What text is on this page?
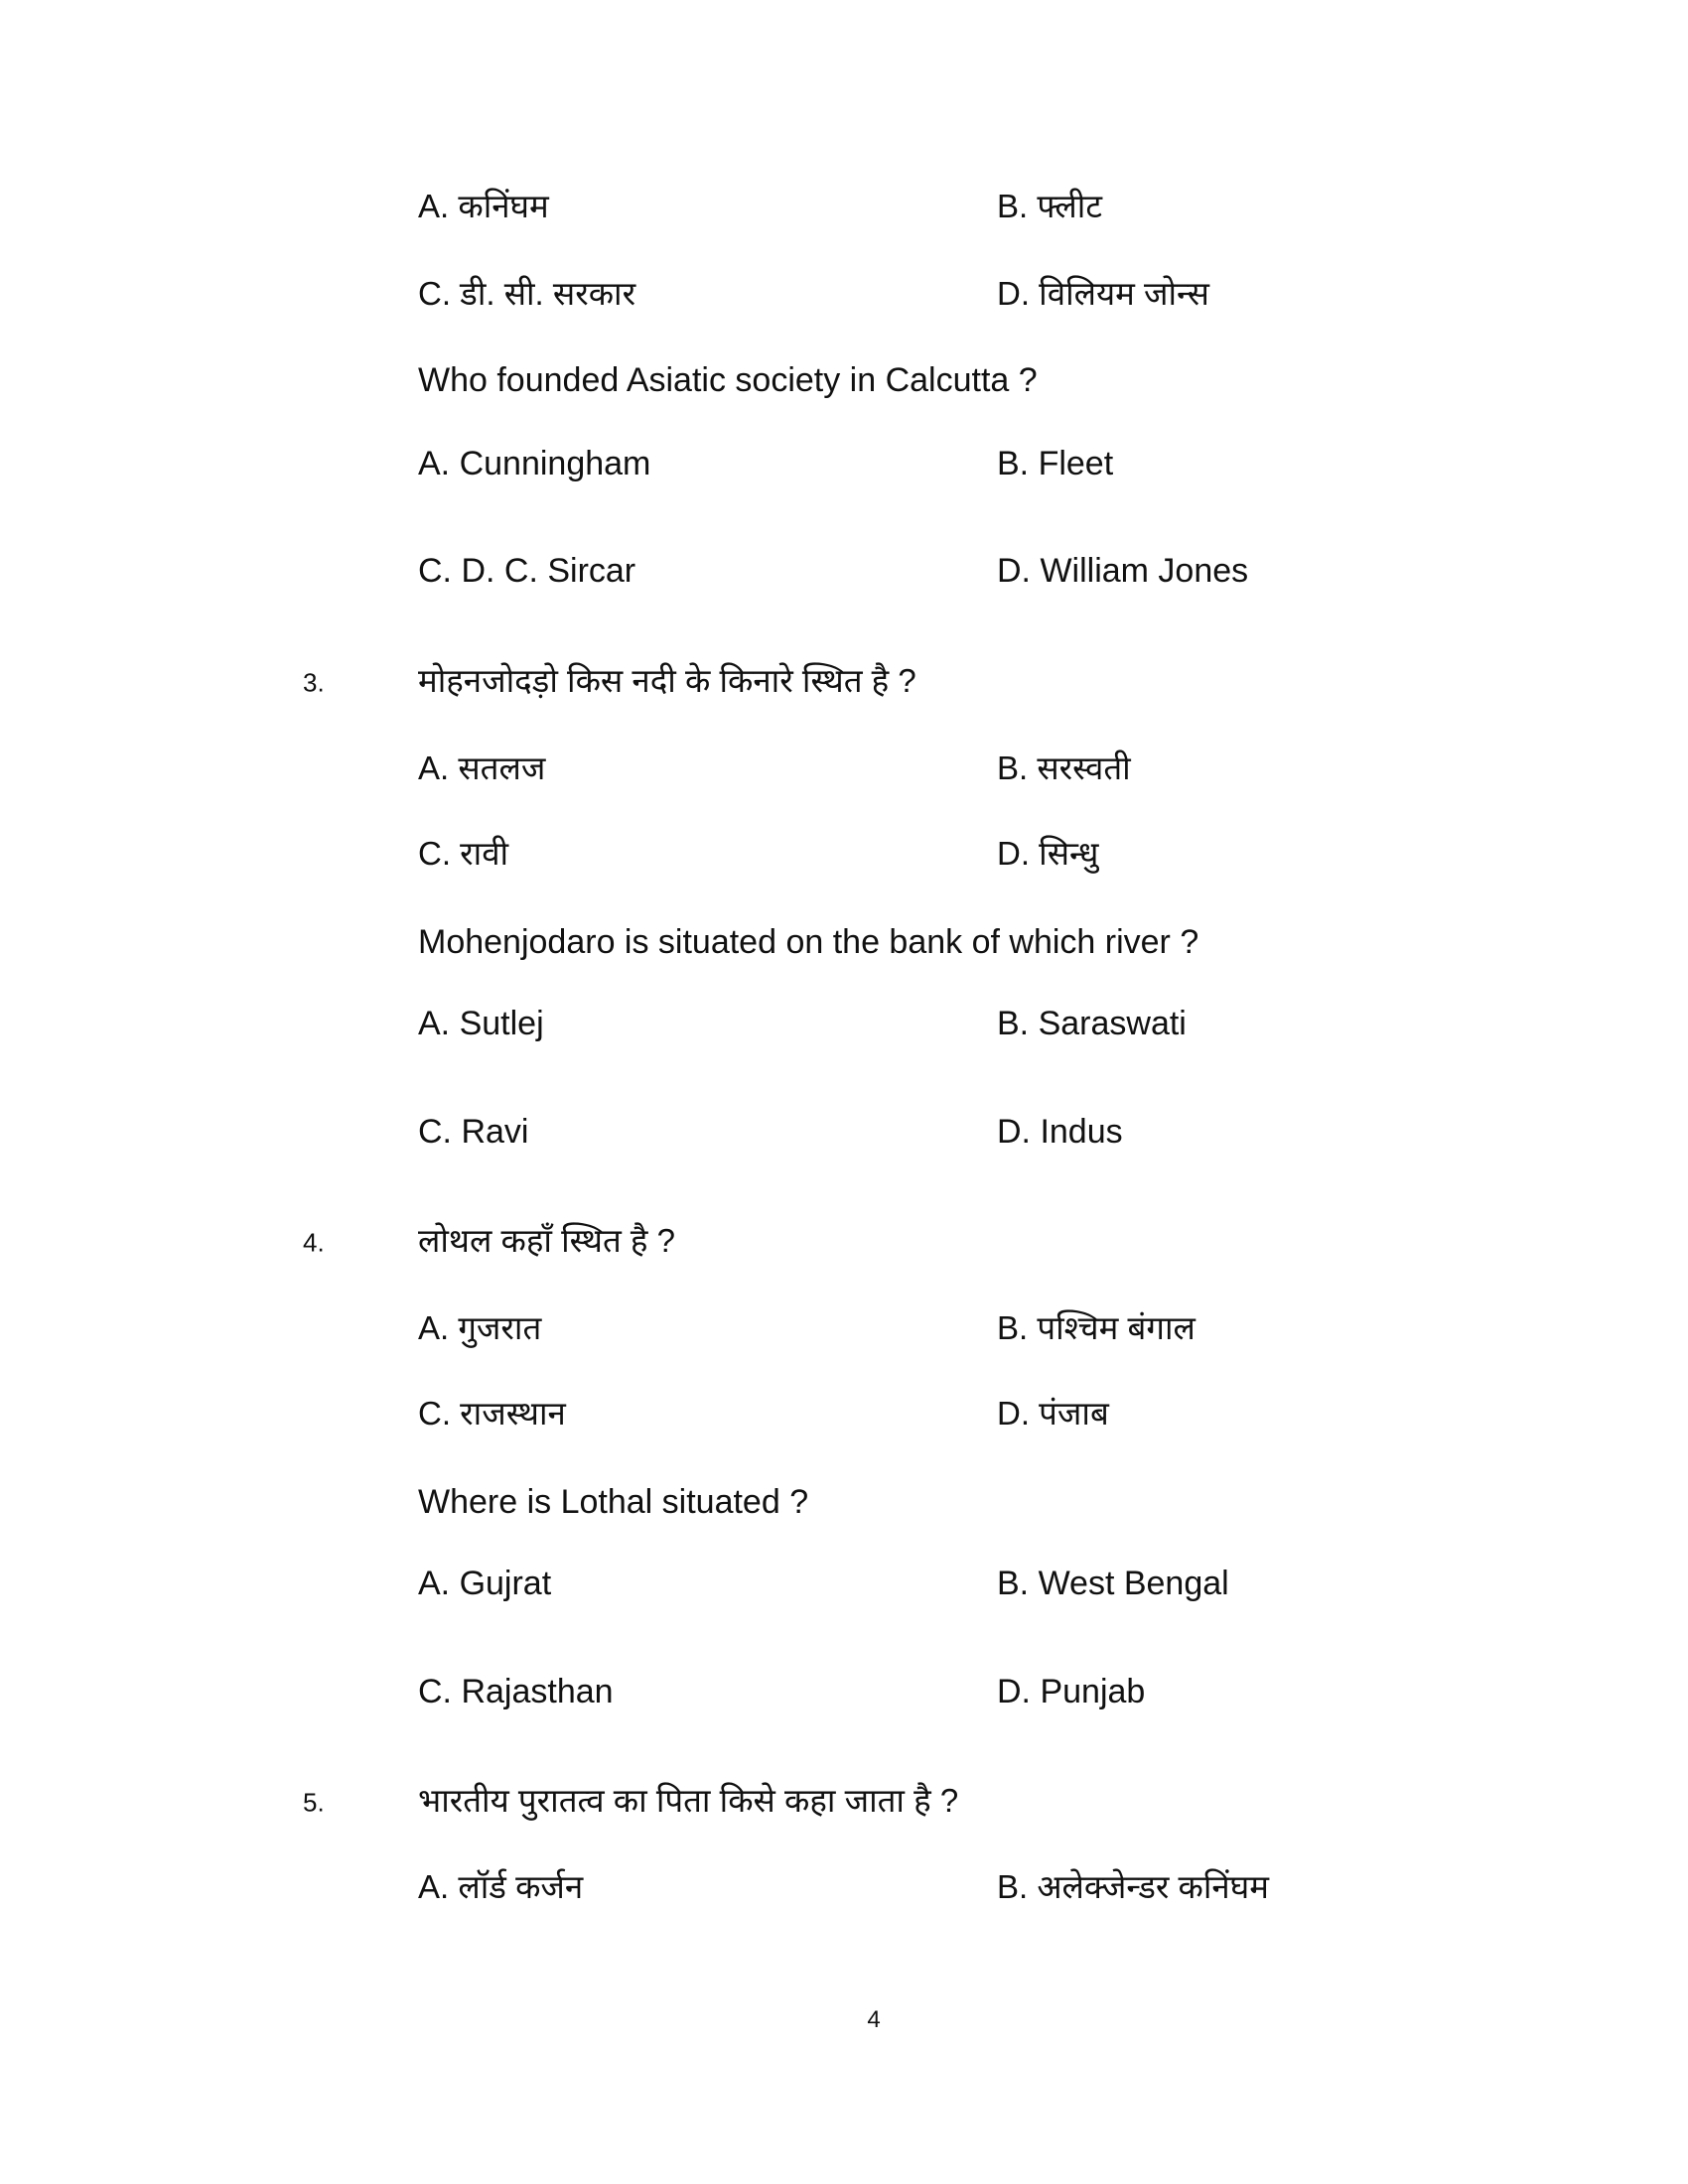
A. कनिंघम	B. फ्लीट
C. डी. सी. सरकार	D. विलियम जोन्स
Who founded Asiatic society in Calcutta ?
A. Cunningham	B. Fleet
C. D. C. Sircar	D. William Jones
3.	मोहनजोदड़ो किस नदी के किनारे स्थित है ?
A. सतलज	B. सरस्वती
C. रावी	D. सिन्धु
Mohenjodaro is situated on the bank of which river ?
A. Sutlej	B. Saraswati
C. Ravi	D. Indus
4.	लोथल कहाँ स्थित है ?
A. गुजरात	B. पश्चिम बंगाल
C. राजस्थान	D. पंजाब
Where is Lothal situated ?
A. Gujrat	B. West Bengal
C. Rajasthan	D. Punjab
5.	भारतीय पुरातत्व का पिता किसे कहा जाता है ?
A. लॉर्ड कर्जन	B. अलेक्जेन्डर कनिंघम
4
